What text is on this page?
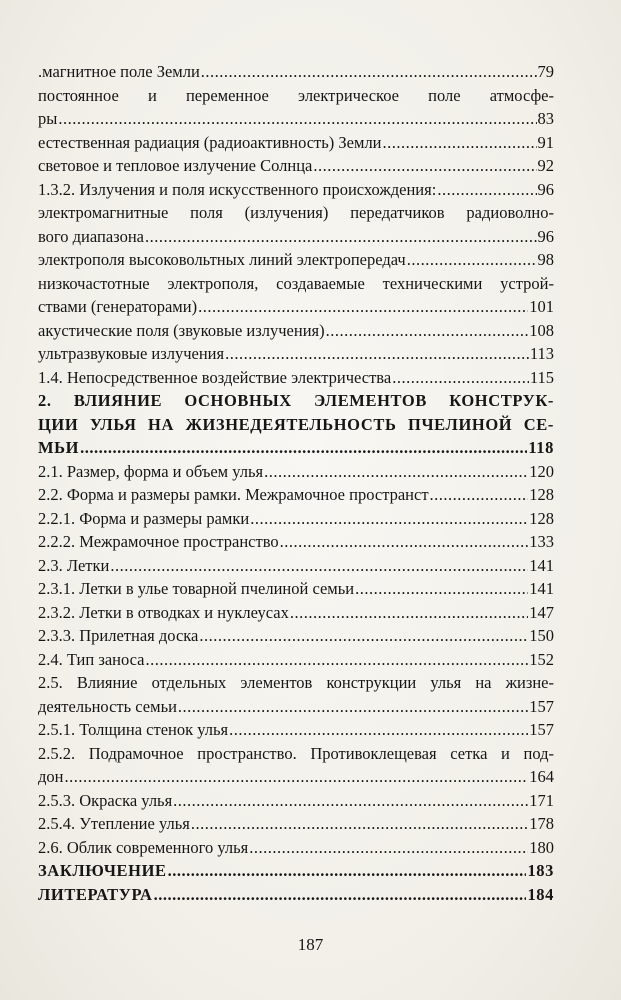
.магнитное поле Земли .....	79
постоянное и переменное электрическое поле атмосфе-
ры .....	83
естественная радиация (радиоактивность) Земли .....	91
световое и тепловое излучение Солнца .....	92
1.3.2. Излучения и поля искусственного происхождения: .....	96
электромагнитные поля (излучения) передатчиков радиоволно-
вого диапазона .....	96
электрополя высоковольтных линий электропередач .....	98
низкочастотные электрополя, создаваемые техническими устрой-
ствами (генераторами) .....	101
акустические поля (звуковые излучения) .....	108
ультразвуковые излучения .....	113
1.4. Непосредственное воздействие электричества .....	115
2. ВЛИЯНИЕ ОСНОВНЫХ ЭЛЕМЕНТОВ КОНСТРУК-
ЦИИ УЛЬЯ НА ЖИЗНЕДЕЯТЕЛЬНОСТЬ ПЧЕЛИНОЙ СЕ-
МЬИ .....	118
2.1. Размер, форма и объем улья .....	120
2.2. Форма и размеры рамки. Межрамочное пространст .....	128
2.2.1. Форма и размеры рамки .....	128
2.2.2. Межрамочное пространство .....	133
2.3. Летки .....	141
2.3.1. Летки в улье товарной пчелиной семьи .....	141
2.3.2. Летки в отводках и нуклеусах .....	147
2.3.3. Прилетная доска .....	150
2.4. Тип заноса .....	152
2.5. Влияние отдельных элементов конструкции улья на жизне-
деятельность семьи .....	157
2.5.1. Толщина стенок улья .....	157
2.5.2. Подрамочное пространство. Противоклещевая сетка и под-
дон .....	164
2.5.3. Окраска улья .....	171
2.5.4. Утепление улья .....	178
2.6. Облик современного улья .....	180
ЗАКЛЮЧЕНИЕ .....	183
ЛИТЕРАТУРА .....	184
187
